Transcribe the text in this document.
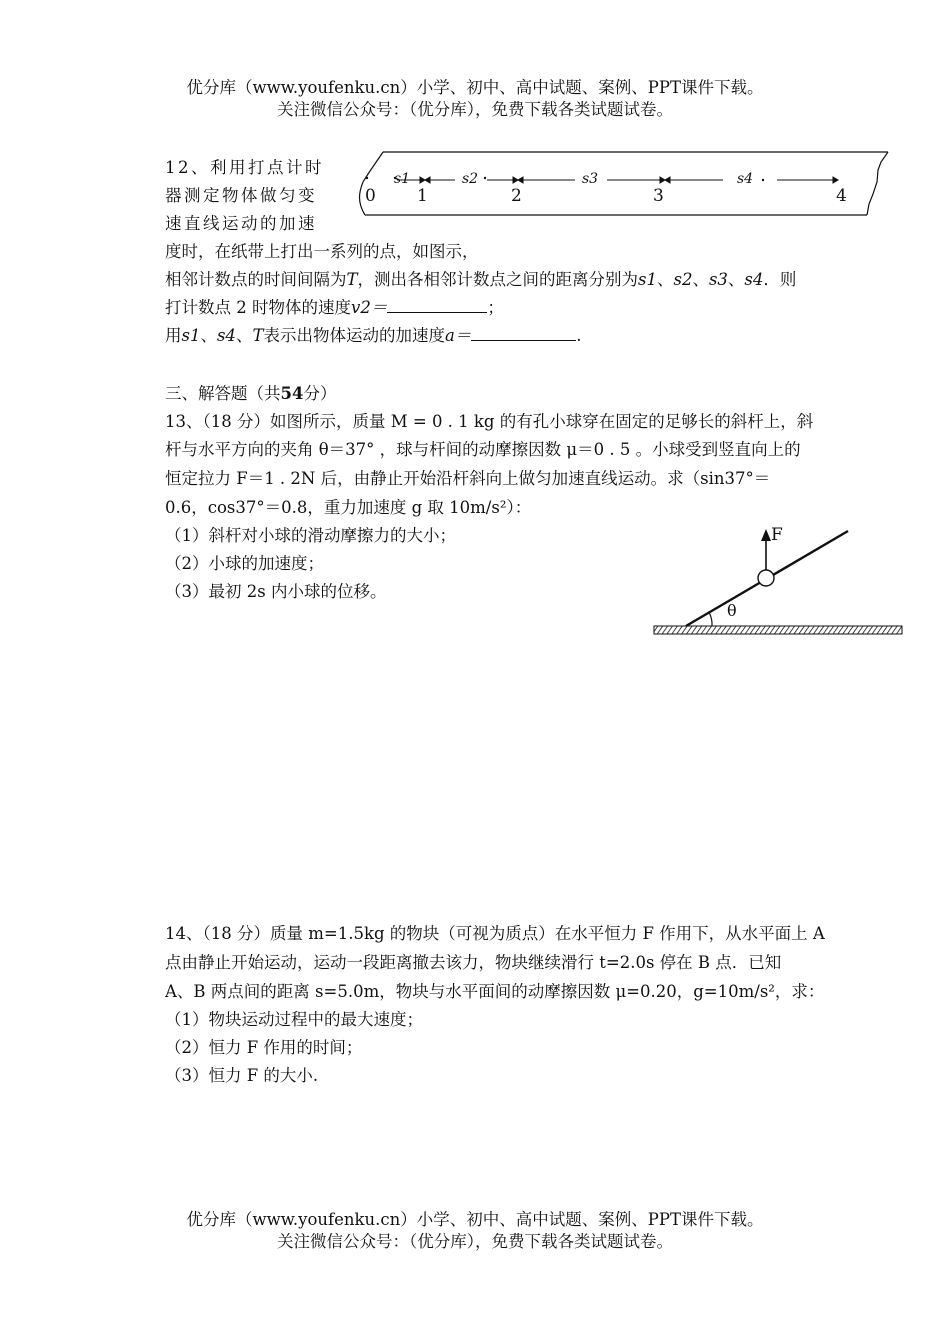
优分库（www.youfenku.cn）小学、初中、高中试题、案例、PPT课件下载。
关注微信公众号：（优分库），免费下载各类试题试卷。
12、利用打点计时
器测定物体做匀变
速直线运动的加速
0 1	2	3	4
s1	s2	s3	s4
度时，在纸带上打出一系列的点，如图示，
相邻计数点的时间间隔为T，测出各相邻计数点之间的距离分别为s1、s2、s3、s4．则
打计数点 2 时物体的速度v2＝	；
用s1、s4、T表示出物体运动的加速度a＝	.
三、解答题（共54分）
13、（18 分）如图所示，质量 M = 0 . 1 kg 的有孔小球穿在固定的足够长的斜杆上，斜
杆与水平方向的夹角 θ＝37° ，球与杆间的动摩擦因数 μ＝0 . 5 。小球受到竖直向上的
恒定拉力 F＝1 . 2N 后，由静止开始沿杆斜向上做匀加速直线运动。求（sin37°＝
0.6，cos37°＝0.8，重力加速度 g 取 10m/s²）：
（1）斜杆对小球的滑动摩擦力的大小；
（2）小球的加速度；
（3）最初 2s 内小球的位移。
θ
F
14、（18 分）质量 m=1.5kg 的物块（可视为质点）在水平恒力 F 作用下，从水平面上 A
点由静止开始运动，运动一段距离撤去该力，物块继续滑行 t=2.0s 停在 B 点．已知
A、B 两点间的距离 s=5.0m，物块与水平面间的动摩擦因数 μ=0.20，g=10m/s²，求：
（1）物块运动过程中的最大速度；
（2）恒力 F 作用的时间；
（3）恒力 F 的大小.
优分库（www.youfenku.cn）小学、初中、高中试题、案例、PPT课件下载。
关注微信公众号：（优分库），免费下载各类试题试卷。
